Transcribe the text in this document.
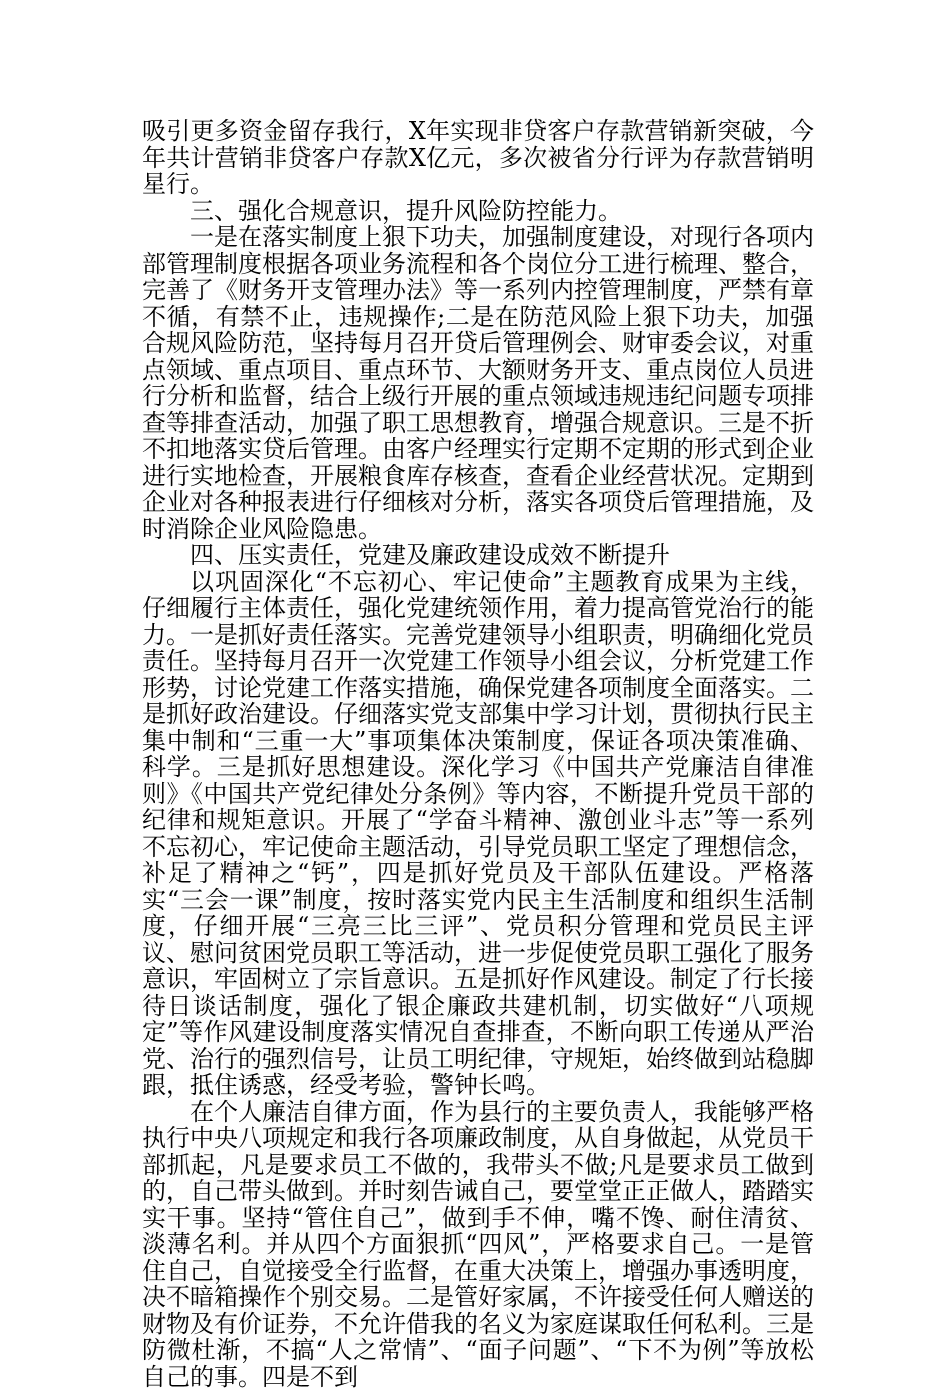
吸引更多资金留存我行，X年实现非贷客户存款营销新突破，今年共计营销非贷客户存款X亿元，多次被省分行评为存款营销明星行。

三、强化合规意识，提升风险防控能力。

一是在落实制度上狠下功夫，加强制度建设，对现行各项内部管理制度根据各项业务流程和各个岗位分工进行梳理、整合，完善了《财务开支管理办法》等一系列内控管理制度，严禁有章不循，有禁不止，违规操作;二是在防范风险上狠下功夫，加强合规风险防范，坚持每月召开贷后管理例会、财审委会议，对重点领域、重点项目、重点环节、大额财务开支、重点岗位人员进行分析和监督，结合上级行开展的重点领域违规违纪问题专项排查等排查活动，加强了职工思想教育，增强合规意识。三是不折不扣地落实贷后管理。由客户经理实行定期不定期的形式到企业进行实地检查，开展粮食库存核查，查看企业经营状况。定期到企业对各种报表进行仔细核对分析，落实各项贷后管理措施，及时消除企业风险隐患。

四、压实责任，党建及廉政建设成效不断提升

以巩固深化“不忘初心、牢记使命”主题教育成果为主线，仔细履行主体责任，强化党建统领作用，着力提高管党治行的能力。一是抓好责任落实。完善党建领导小组职责，明确细化党员责任。坚持每月召开一次党建工作领导小组会议，分析党建工作形势，讨论党建工作落实措施，确保党建各项制度全面落实。二是抓好政治建设。仔细落实党支部集中学习计划，贯彻执行民主集中制和“三重一大”事项集体决策制度，保证各项决策准确、科学。三是抓好思想建设。深化学习《中国共产党廉洁自律准则》《中国共产党纪律处分条例》等内容，不断提升党员干部的纪律和规矩意识。开展了“学奋斗精神、激创业斗志”等一系列不忘初心，牢记使命主题活动，引导党员职工坚定了理想信念，补足了精神之“钙”，四是抓好党员及干部队伍建设。严格落实“三会一课”制度，按时落实党内民主生活制度和组织生活制度，仔细开展“三亮三比三评”、党员积分管理和党员民主评议、慰问贫困党员职工等活动，进一步促使党员职工强化了服务意识，牢固树立了宗旨意识。五是抓好作风建设。制定了行长接待日谈话制度，强化了银企廉政共建机制，切实做好“八项规定”等作风建设制度落实情况自查排查，不断向职工传递从严治党、治行的强烈信号，让员工明纪律，守规矩，始终做到站稳脚跟，抵住诱惑，经受考验，警钟长鸣。

在个人廉洁自律方面，作为县行的主要负责人，我能够严格执行中央八项规定和我行各项廉政制度，从自身做起，从党员干部抓起，凡是要求员工不做的，我带头不做;凡是要求员工做到的，自己带头做到。并时刻告诫自己，要堂堂正正做人，踏踏实实干事。坚持“管住自己”，做到手不伸，嘴不馋、耐住清贫、淡薄名利。并从四个方面狠抓“四风”，严格要求自己。一是管住自己，自觉接受全行监督，在重大决策上，增强办事透明度，决不暗箱操作个别交易。二是管好家属，不许接受任何人赠送的财物及有价证券，不允许借我的名义为家庭谋取任何私利。三是防微杜渐，不搞“人之常情”、“面子问题”、“下不为例”等放松自己的事。四是不到
